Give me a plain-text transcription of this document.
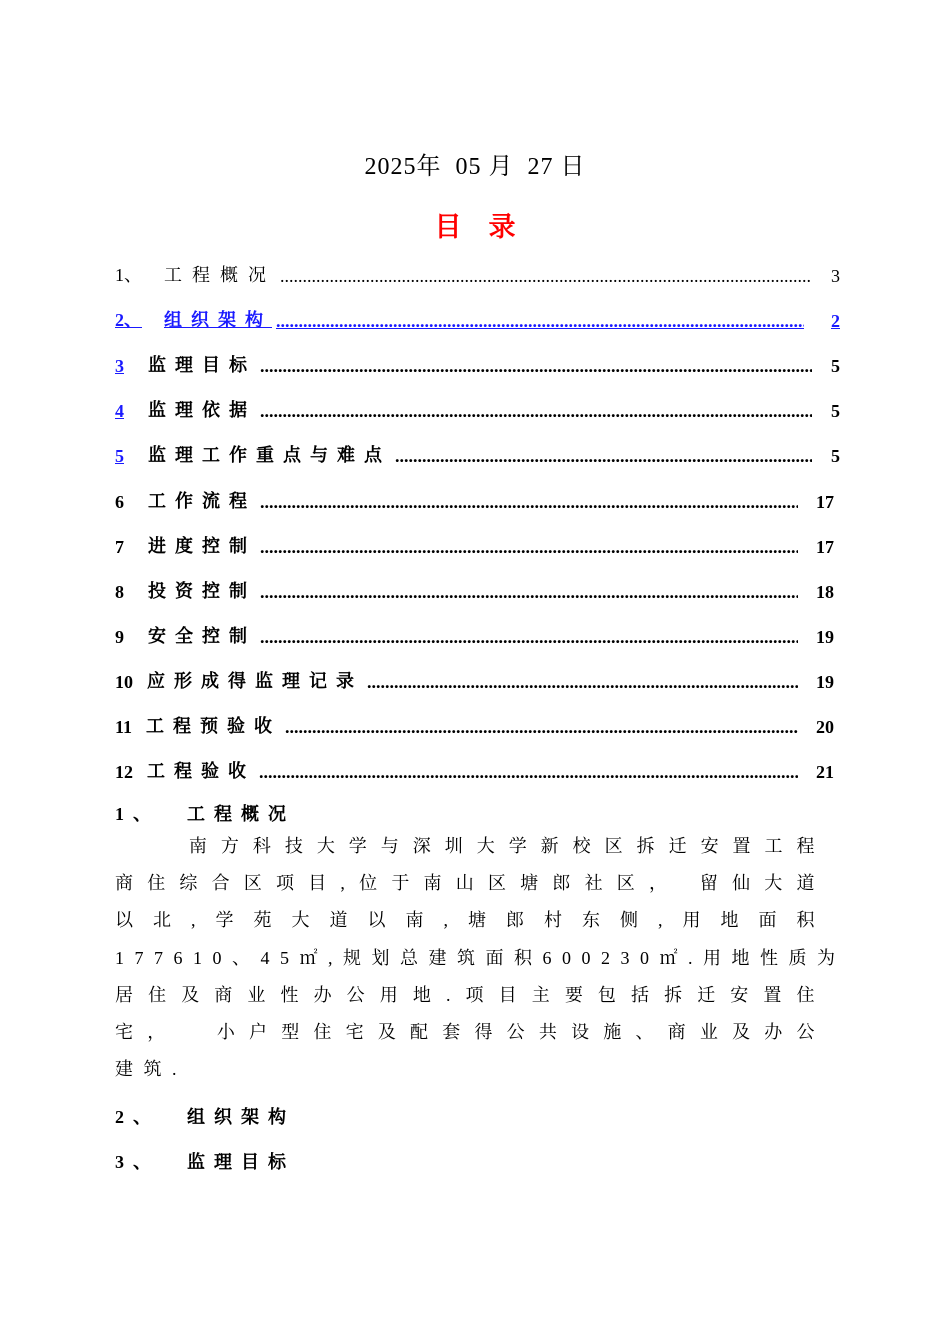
2025年  05 月  27 日
目    录
1、 工程概况 .....	3
2、 组织架构 .....	2
3 监理目标 .....	5
4 监理依据 .....	5
5 监理工作重点与难点 .....	5
6 工作流程 .....	17
7 进度控制 .....	17
8 投资控制 .....	18
9 安全控制 .....	19
10 应形成得监理记录 .....	19
11 工程预验收 .....	20
12 工程验收 .....	21
1、  工程概况
南方科技大学与深圳大学新校区拆迁安置工程
商住综合区项目,位于南山区塘郎社区， 留仙大道
以北,学苑大道以南,塘郎村东侧,用地面积
177610、45㎡,规划总建筑面积600230㎡.用地性质为
居住及商业性办公用地.项目主要包括拆迁安置住
宅，  小户型住宅及配套得公共设施、商业及办公
建筑.
2、  组织架构
3、  监理目标
